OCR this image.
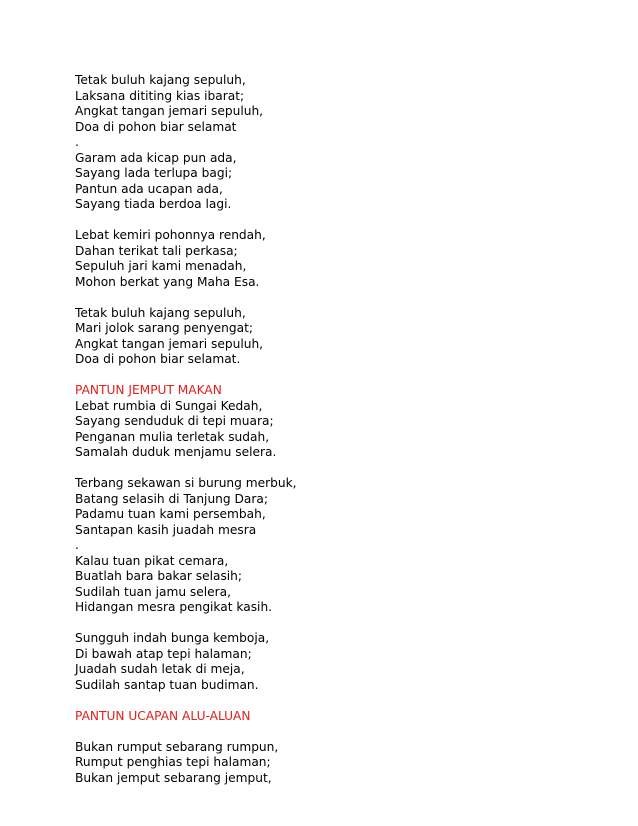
Tetak buluh kajang sepuluh,
Laksana dititing kias ibarat;
Angkat tangan jemari sepuluh,
Doa di pohon biar selamat
.
Garam ada kicap pun ada,
Sayang lada terlupa bagi;
Pantun ada ucapan ada,
Sayang tiada berdoa lagi.
Lebat kemiri pohonnya rendah,
Dahan terikat tali perkasa;
Sepuluh jari kami menadah,
Mohon berkat yang Maha Esa.
Tetak buluh kajang sepuluh,
Mari jolok sarang penyengat;
Angkat tangan jemari sepuluh,
Doa di pohon biar selamat.
PANTUN JEMPUT MAKAN
Lebat rumbia di Sungai Kedah,
Sayang senduduk di tepi muara;
Penganan mulia terletak sudah,
Samalah duduk menjamu selera.
Terbang sekawan si burung merbuk,
Batang selasih di Tanjung Dara;
Padamu tuan kami persembah,
Santapan kasih juadah mesra
.
Kalau tuan pikat cemara,
Buatlah bara bakar selasih;
Sudilah tuan jamu selera,
Hidangan mesra pengikat kasih.
Sungguh indah bunga kemboja,
Di bawah atap tepi halaman;
Juadah sudah letak di meja,
Sudilah santap tuan budiman.
PANTUN UCAPAN ALU-ALUAN
Bukan rumput sebarang rumpun,
Rumput penghias tepi halaman;
Bukan jemput sebarang jemput,
